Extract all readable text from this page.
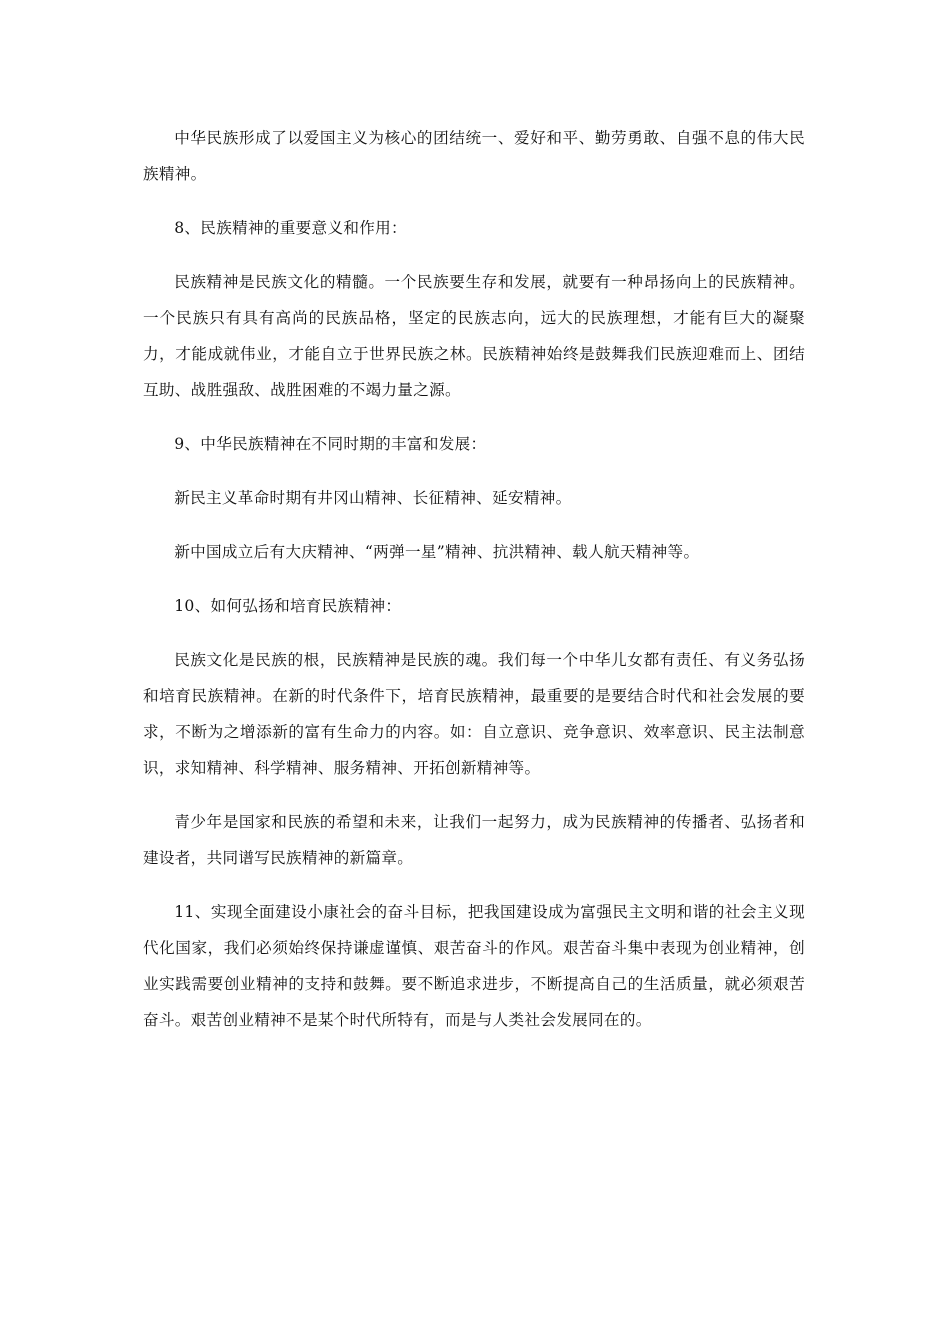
中华民族形成了以爱国主义为核心的团结统一、爱好和平、勤劳勇敢、自强不息的伟大民族精神。

8、民族精神的重要意义和作用：

民族精神是民族文化的精髓。一个民族要生存和发展，就要有一种昂扬向上的民族精神。一个民族只有具有高尚的民族品格，坚定的民族志向，远大的民族理想，才能有巨大的凝聚力，才能成就伟业，才能自立于世界民族之林。民族精神始终是鼓舞我们民族迎难而上、团结互助、战胜强敌、战胜困难的不竭力量之源。

9、中华民族精神在不同时期的丰富和发展：

新民主义革命时期有井冈山精神、长征精神、延安精神。

新中国成立后有大庆精神、“两弹一星”精神、抗洪精神、载人航天精神等。

10、如何弘扬和培育民族精神：

民族文化是民族的根，民族精神是民族的魂。我们每一个中华儿女都有责任、有义务弘扬和培育民族精神。在新的时代条件下，培育民族精神，最重要的是要结合时代和社会发展的要求，不断为之增添新的富有生命力的内容。如：自立意识、竞争意识、效率意识、民主法制意识，求知精神、科学精神、服务精神、开拓创新精神等。

青少年是国家和民族的希望和未来，让我们一起努力，成为民族精神的传播者、弘扬者和建设者，共同谱写民族精神的新篇章。

11、实现全面建设小康社会的奋斗目标，把我国建设成为富强民主文明和谐的社会主义现代化国家，我们必须始终保持谦虚谨慎、艰苦奋斗的作风。艰苦奋斗集中表现为创业精神，创业实践需要创业精神的支持和鼓舞。要不断追求进步，不断提高自己的生活质量，就必须艰苦奋斗。艰苦创业精神不是某个时代所特有，而是与人类社会发展同在的。
